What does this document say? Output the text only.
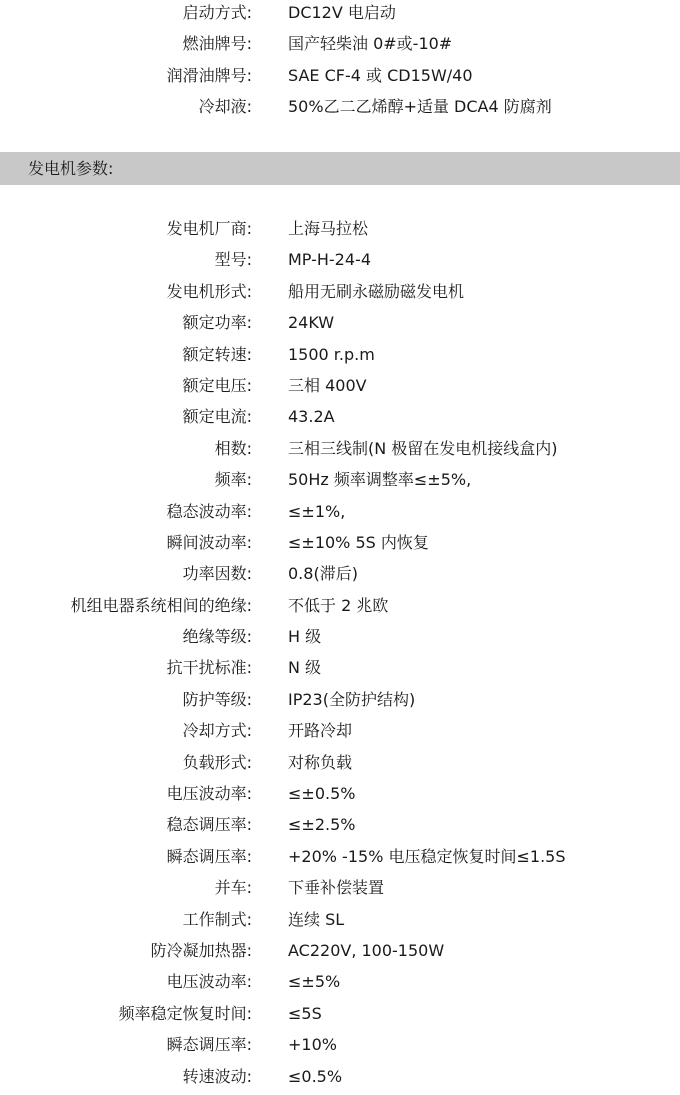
启动方式: DC12V 电启动
燃油牌号: 国产轻柴油 0#或-10#
润滑油牌号: SAE CF-4 或 CD15W/40
冷却液: 50%乙二乙烯醇+适量 DCA4 防腐剂
发电机参数:
发电机厂商: 上海马拉松
型号: MP-H-24-4
发电机形式: 船用无刷永磁励磁发电机
额定功率: 24KW
额定转速: 1500 r.p.m
额定电压: 三相 400V
额定电流: 43.2A
相数: 三相三线制(N 极留在发电机接线盒内)
频率: 50Hz 频率调整率≤±5%,
稳态波动率: ≤±1%,
瞬间波动率: ≤±10% 5S 内恢复
功率因数: 0.8(滞后)
机组电器系统相间的绝缘: 不低于 2 兆欧
绝缘等级: H 级
抗干扰标准: N 级
防护等级: IP23(全防护结构)
冷却方式: 开路冷却
负载形式: 对称负载
电压波动率: ≤±0.5%
稳态调压率: ≤±2.5%
瞬态调压率: +20% -15% 电压稳定恢复时间≤1.5S
并车: 下垂补偿装置
工作制式: 连续 SL
防冷凝加热器: AC220V, 100-150W
电压波动率: ≤±5%
频率稳定恢复时间: ≤5S
瞬态调压率: +10%
转速波动: ≤0.5%
